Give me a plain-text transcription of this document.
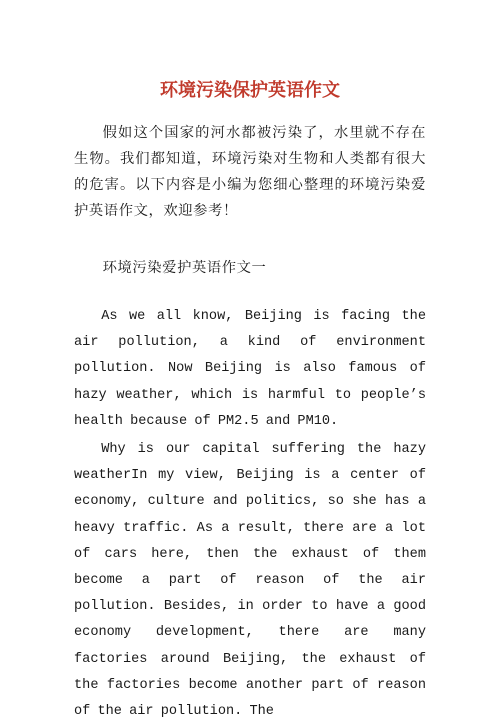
环境污染保护英语作文

假如这个国家的河水都被污染了，水里就不存在生物。我们都知道，环境污染对生物和人类都有很大的危害。以下内容是小编为您细心整理的环境污染爱护英语作文，欢迎参考！

环境污染爱护英语作文一

As we all know, Beijing is facing the air pollution, a kind of environment pollution. Now Beijing is also famous of hazy weather, which is harmful to people’s health because of PM2.5 and PM10.

Why is our capital suffering the hazy weatherIn my view, Beijing is a center of economy, culture and politics, so she has a heavy traffic. As a result, there are a lot of cars here, then the exhaust of them become a part of reason of the air pollution. Besides, in order to have a good economy development, there are many factories around Beijing, the exhaust of the factories become another part of reason of the air pollution. The
